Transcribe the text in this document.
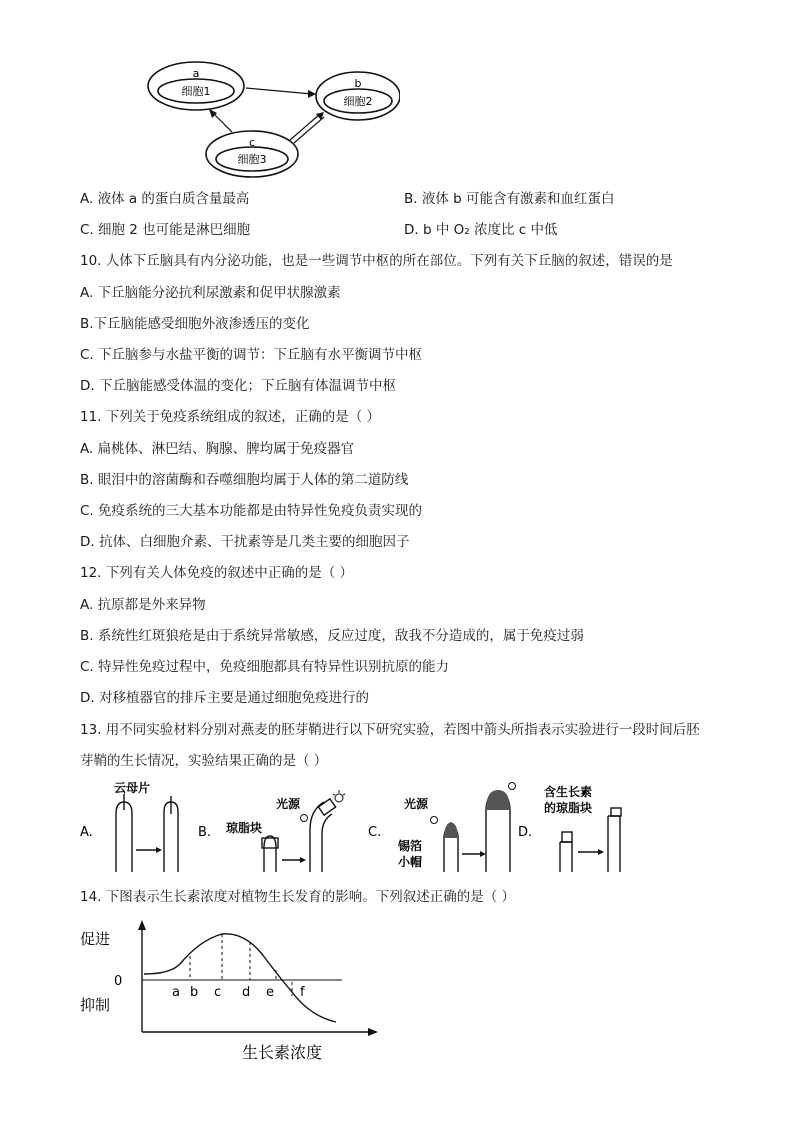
a
细胞1
b
细胞2
c
细胞3
A. 液体 a 的蛋白质含量最高	B. 液体 b 可能含有激素和血红蛋白
C. 细胞 2 也可能是淋巴细胞	D. b 中 O₂ 浓度比 c 中低
10. 人体下丘脑具有内分泌功能，也是一些调节中枢的所在部位。下列有关下丘脑的叙述，错误的是
A. 下丘脑能分泌抗利尿激素和促甲状腺激素
B.下丘脑能感受细胞外液渗透压的变化
C. 下丘脑参与水盐平衡的调节：下丘脑有水平衡调节中枢
D. 下丘脑能感受体温的变化；下丘脑有体温调节中枢
11. 下列关于免疫系统组成的叙述，正确的是（ ）
A. 扁桃体、淋巴结、胸腺、脾均属于免疫器官
B. 眼泪中的溶菌酶和吞噬细胞均属于人体的第二道防线
C. 免疫系统的三大基本功能都是由特异性免疫负责实现的
D. 抗体、白细胞介素、干扰素等是几类主要的细胞因子
12. 下列有关人体免疫的叙述中正确的是（ ）
A. 抗原都是外来异物
B. 系统性红斑狼疮是由于系统异常敏感，反应过度，敌我不分造成的，属于免疫过弱
C. 特异性免疫过程中，免疫细胞都具有特异性识别抗原的能力
D. 对移植器官的排斥主要是通过细胞免疫进行的
13. 用不同实验材料分别对燕麦的胚芽鞘进行以下研究实验，若图中箭头所指表示实验进行一段时间后胚
芽鞘的生长情况，实验结果正确的是（ ）
A.
云母片
B.
光源
琼脂块	C.
光源
锡箔
小帽
D.
含生长素
的琼脂块
14. 下图表示生长素浓度对植物生长发育的影响。下列叙述正确的是（ ）
促进
0
抑制
a b c d e f
生长素浓度
